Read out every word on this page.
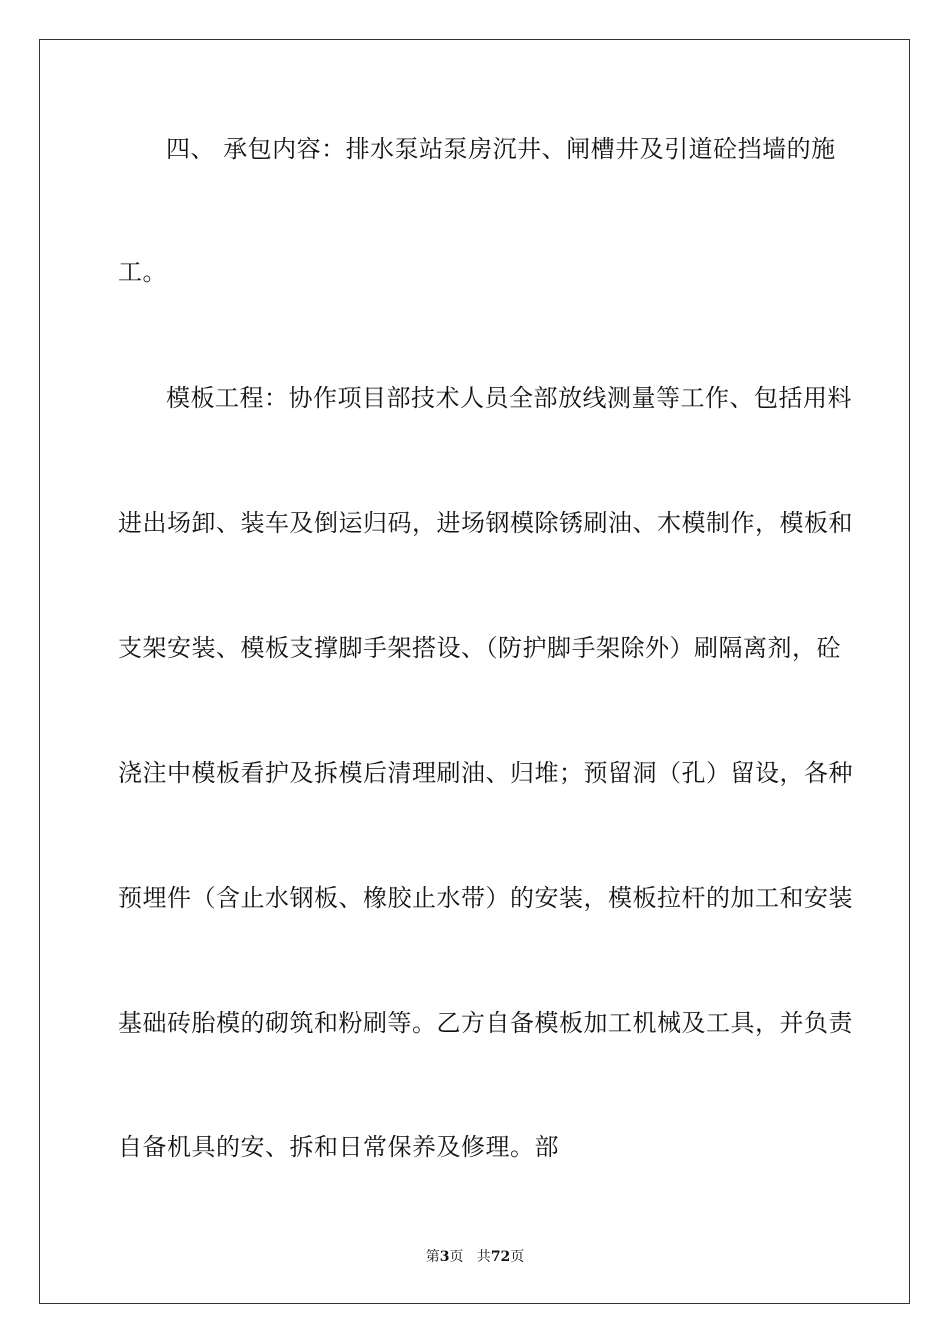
四、 承包内容：排水泵站泵房沉井、闸槽井及引道砼挡墙的施
工。
模板工程：协作项目部技术人员全部放线测量等工作、包括用料
进出场卸、装车及倒运归码，进场钢模除锈刷油、木模制作，模板和
支架安装、模板支撑脚手架搭设、（防护脚手架除外）刷隔离剂，砼
浇注中模板看护及拆模后清理刷油、归堆；预留洞（孔）留设，各种
预埋件（含止水钢板、橡胶止水带）的安装，模板拉杆的加工和安装
基础砖胎模的砌筑和粉刷等。乙方自备模板加工机械及工具，并负责
自备机具的安、拆和日常保养及修理。部
第3页   共72页
